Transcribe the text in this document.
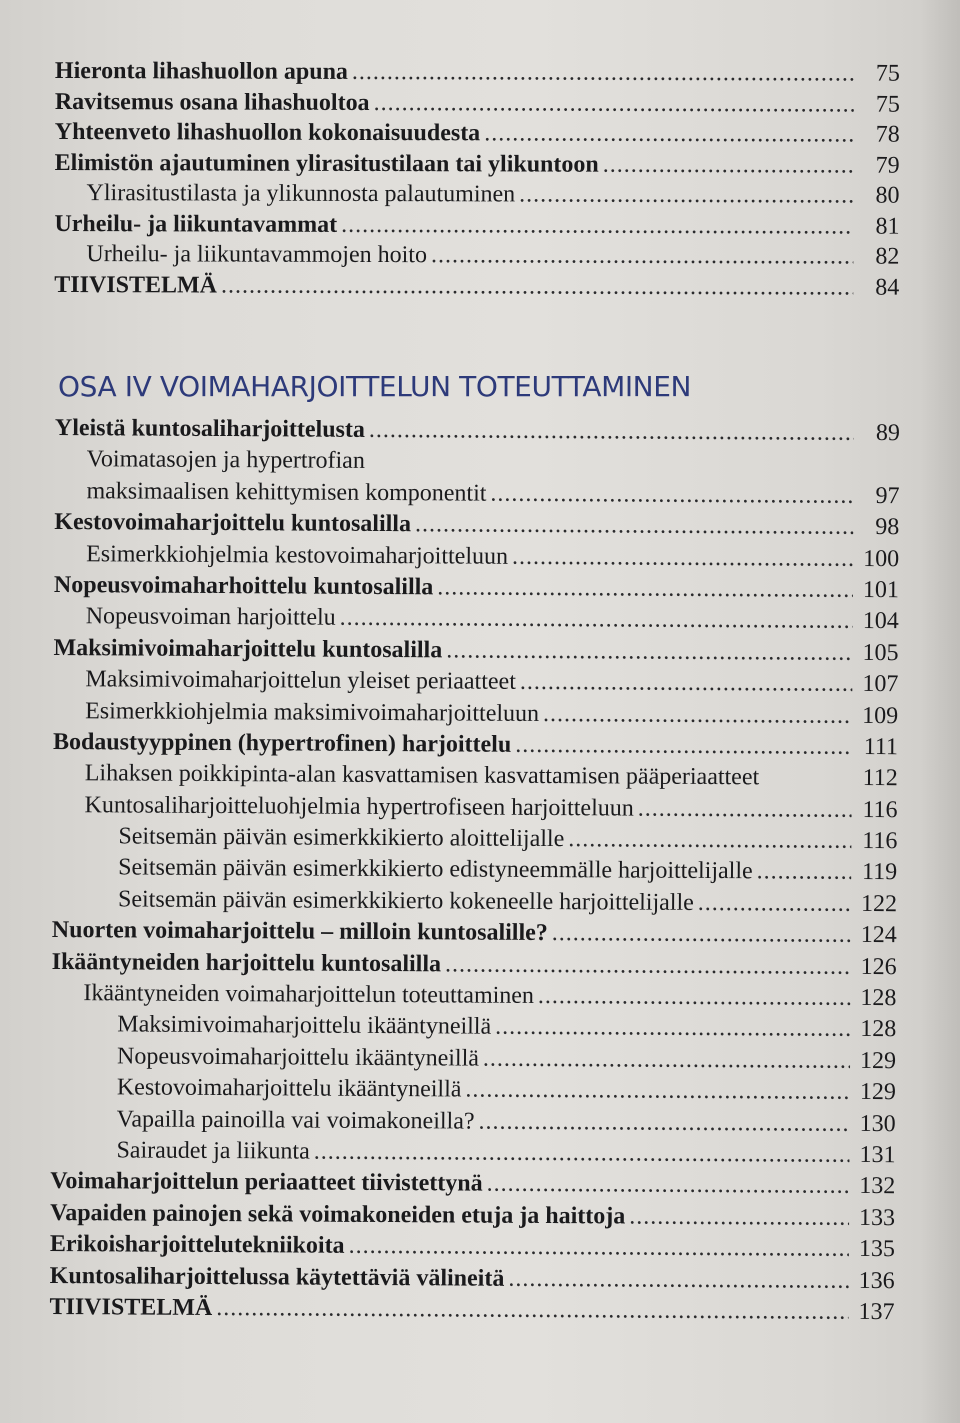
Hieronta lihashuollon apuna .....	75
Ravitsemus osana lihashuoltoa .....	75
Yhteenveto lihashuollon kokonaisuudesta .....	78
Elimistön ajautuminen ylirasitustilaan tai ylikuntoon .....	79
Ylirasitustilasta ja ylikunnosta palautuminen .....	80
Urheilu- ja liikuntavammat .....	81
Urheilu- ja liikuntavammojen hoito .....	82
TIIVISTELMÄ .....	84
OSA IV VOIMAHARJOITTELUN TOTEUTTAMINEN
Yleistä kuntosaliharjoittelusta .....	89
Voimatasojen ja hypertrofian
maksimaalisen kehittymisen komponentit .....	97
Kestovoimaharjoittelu kuntosalilla .....	98
Esimerkkiohjelmia kestovoimaharjoitteluun .....	100
Nopeusvoimaharhoittelu kuntosalilla .....	101
Nopeusvoiman harjoittelu .....	104
Maksimivoimaharjoittelu kuntosalilla .....	105
Maksimivoimaharjoittelun yleiset periaatteet .....	107
Esimerkkiohjelmia maksimivoimaharjoitteluun .....	109
Bodaustyyppinen (hypertrofinen) harjoittelu .....	111
Lihaksen poikkipinta-alan kasvattamisen kasvattamisen pääperiaatteet	112
Kuntosaliharjoitteluohjelmia hypertrofiseen harjoitteluun .....	116
Seitsemän päivän esimerkkikierto aloittelijalle .....	116
Seitsemän päivän esimerkkikierto edistyneemmälle harjoittelijalle .....	119
Seitsemän päivän esimerkkikierto kokeneelle harjoittelijalle .....	122
Nuorten voimaharjoittelu – milloin kuntosalille? .....	124
Ikääntyneiden harjoittelu kuntosalilla .....	126
Ikääntyneiden voimaharjoittelun toteuttaminen .....	128
Maksimivoimaharjoittelu ikääntyneillä .....	128
Nopeusvoimaharjoittelu ikääntyneillä .....	129
Kestovoimaharjoittelu ikääntyneillä .....	129
Vapailla painoilla vai voimakoneilla? .....	130
Sairaudet ja liikunta .....	131
Voimaharjoittelun periaatteet tiivistettynä .....	132
Vapaiden painojen sekä voimakoneiden etuja ja haittoja .....	133
Erikoisharjoittelutekniikoita .....	135
Kuntosaliharjoittelussa käytettäviä välineitä .....	136
TIIVISTELMÄ .....	137
